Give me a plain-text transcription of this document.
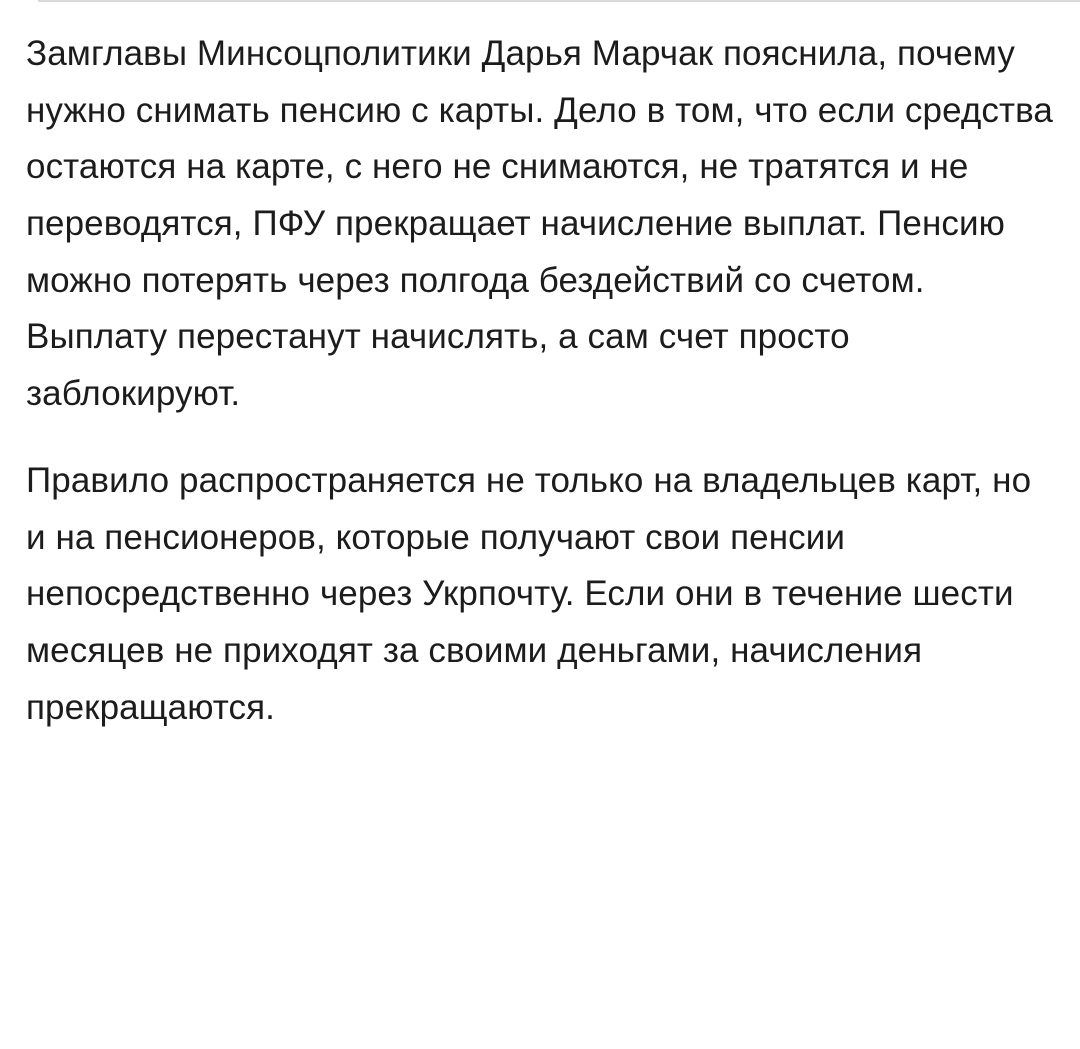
Замглавы Минсоцполитики Дарья Марчак пояснила, почему нужно снимать пенсию с карты. Дело в том, что если средства остаются на карте, с него не снимаются, не тратятся и не переводятся, ПФУ прекращает начисление выплат. Пенсию можно потерять через полгода бездействий со счетом. Выплату перестанут начислять, а сам счет просто заблокируют.

Правило распространяется не только на владельцев карт, но и на пенсионеров, которые получают свои пенсии непосредственно через Укрпочту. Если они в течение шести месяцев не приходят за своими деньгами, начисления прекращаются.
